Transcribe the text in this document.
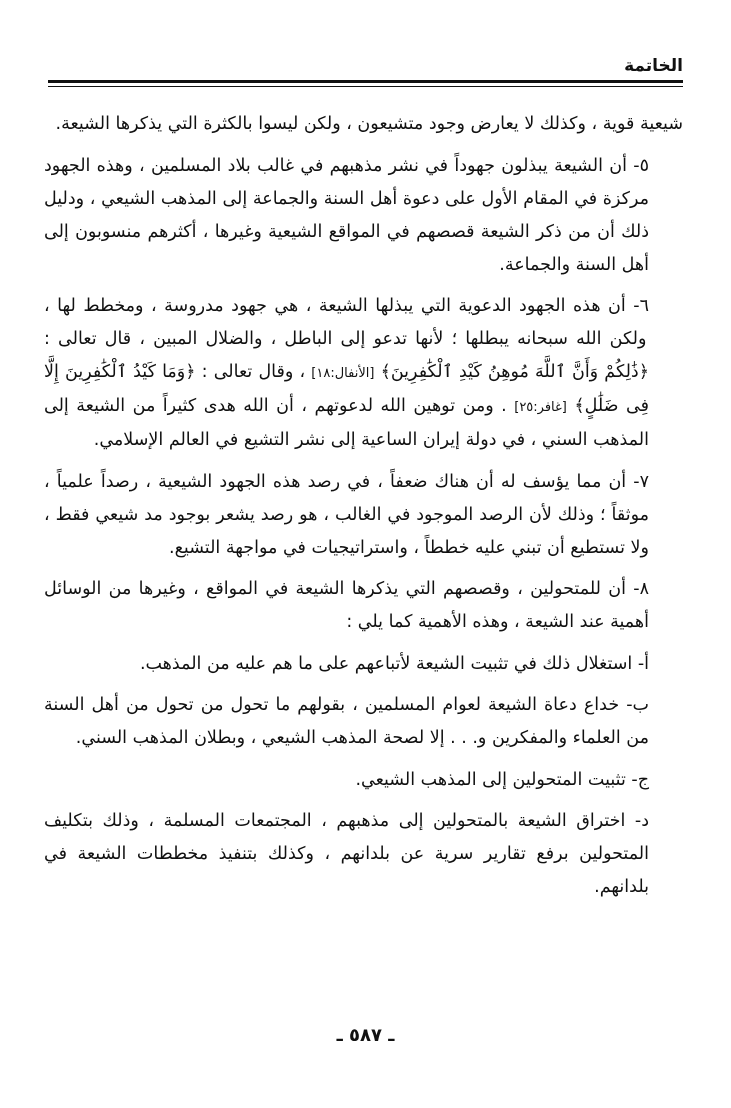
الخاتمة

شيعية قوية ، وكذلك لا يعارض وجود متشيعون ، ولكن ليسوا بالكثرة التي يذكرها الشيعة.

٥- أن الشيعة يبذلون جهوداً في نشر مذهبهم في غالب بلاد المسلمين ، وهذه الجهود مركزة في المقام الأول على دعوة أهل السنة والجماعة إلى المذهب الشيعي ، ودليل ذلك أن من ذكر الشيعة قصصهم في المواقع الشيعية وغيرها ، أكثرهم منسوبون إلى أهل السنة والجماعة.

٦- أن هذه الجهود الدعوية التي يبذلها الشيعة ، هي جهود مدروسة ، ومخطط لها ، ولكن الله سبحانه يبطلها ؛ لأنها تدعو إلى الباطل ، والضلال المبين ، قال تعالى : ﴿ذَٰلِكُمْ وَأَنَّ ٱللَّهَ مُوهِنُ كَيْدِ ٱلْكَٰفِرِينَ﴾ [الأنفال:١٨] ، وقال تعالى : ﴿وَمَا كَيْدُ ٱلْكَٰفِرِينَ إِلَّا فِى ضَلَٰلٍ﴾ [غافر:٢٥] . ومن توهين الله لدعوتهم ، أن الله هدى كثيراً من الشيعة إلى المذهب السني ، في دولة إيران الساعية إلى نشر التشيع في العالم الإسلامي.

٧- أن مما يؤسف له أن هناك ضعفاً ، في رصد هذه الجهود الشيعية ، رصداً علمياً ، موثقاً ؛ وذلك لأن الرصد الموجود في الغالب ، هو رصد يشعر بوجود مد شيعي فقط ، ولا تستطيع أن تبني عليه خططاً ، واستراتيجيات في مواجهة التشيع.

٨- أن للمتحولين ، وقصصهم التي يذكرها الشيعة في المواقع ، وغيرها من الوسائل أهمية عند الشيعة ، وهذه الأهمية كما يلي :

أ- استغلال ذلك في تثبيت الشيعة لأتباعهم على ما هم عليه من المذهب.

ب- خداع دعاة الشيعة لعوام المسلمين ، بقولهم ما تحول من تحول من أهل السنة من العلماء والمفكرين و. . . إلا لصحة المذهب الشيعي ، وبطلان المذهب السني.

ج- تثبيت المتحولين إلى المذهب الشيعي.

د- اختراق الشيعة بالمتحولين إلى مذهبهم ، المجتمعات المسلمة ، وذلك بتكليف المتحولين برفع تقارير سرية عن بلدانهم ، وكذلك بتنفيذ مخططات الشيعة في بلدانهم.

ـ ٥٨٧ ـ
